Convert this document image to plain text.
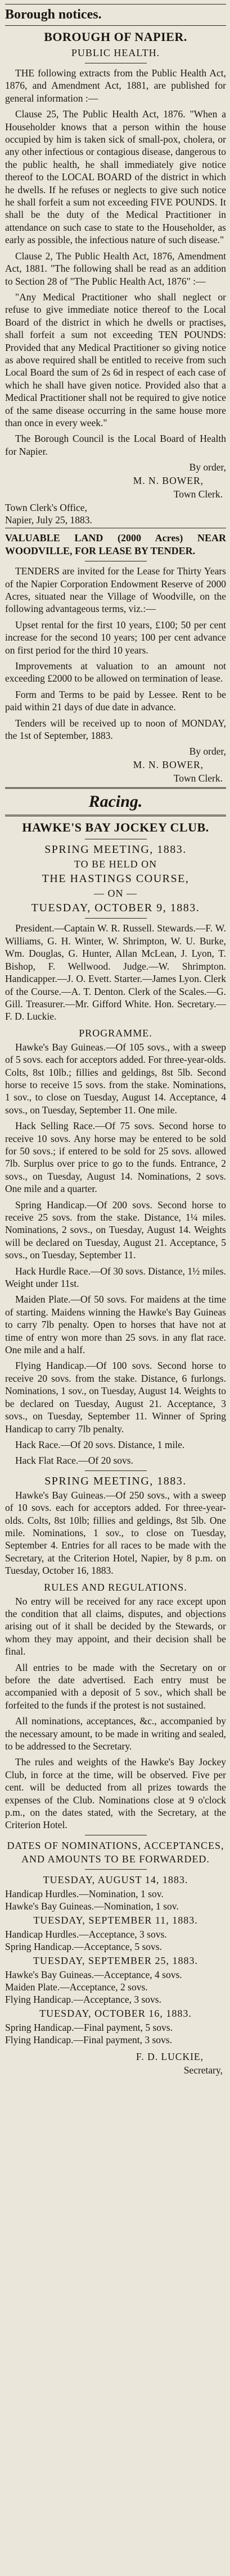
Borough notices.
BOROUGH OF NAPIER.
PUBLIC HEALTH.

THE following extracts from the Public Health Act, 1876, and Amendment Act, 1881, are published for general information :—

Clause 25, The Public Health Act, 1876. "When a Householder knows that a person within the house occupied by him is taken sick of small-pox, cholera, or any other infectious or contagious disease, dangerous to the public health, he shall immediately give notice thereof to the LOCAL BOARD of the district in which he dwells. If he refuses or neglects to give such notice he shall forfeit a sum not exceeding FIVE POUNDS. It shall be the duty of the Medical Practitioner in attendance on such case to state to the Householder, as early as possible, the infectious nature of such disease."

Clause 2, The Public Health Act, 1876, Amendment Act, 1881. "The following shall be read as an addition to Section 28 of "The Public Health Act, 1876" :—

"Any Medical Practitioner who shall neglect or refuse to give immediate notice thereof to the Local Board of the district in which he dwells or practises, shall forfeit a sum not exceeding TEN POUNDS: Provided that any Medical Practitioner so giving notice as above required shall be entitled to receive from such Local Board the sum of 2s 6d in respect of each case of which he shall have given notice. Provided also that a Medical Practitioner shall not be required to give notice of the same disease occurring in the same house more than once in every week."

The Borough Council is the Local Board of Health for Napier.

By order,
M. N. BOWER,
Town Clerk.
Town Clerk's Office,
Napier, July 25, 1883.
VALUABLE LAND (2000 Acres) NEAR WOODVILLE, FOR LEASE BY TENDER.

TENDERS are invited for the Lease for Thirty Years of the Napier Corporation Endowment Reserve of 2000 Acres, situated near the Village of Woodville, on the following advantageous terms, viz.:—

Upset rental for the first 10 years, £100; 50 per cent increase for the second 10 years; 100 per cent advance on first period for the third 10 years.

Improvements at valuation to an amount not exceeding £2000 to be allowed on termination of lease.

Form and Terms to be paid by Lessee. Rent to be paid within 21 days of due date in advance.

Tenders will be received up to noon of MONDAY, the 1st of September, 1883.

By order,
M. N. BOWER,
Town Clerk.
Racing.
HAWKE'S BAY JOCKEY CLUB.
SPRING MEETING, 1883.
TO BE HELD ON
THE HASTINGS COURSE,
— ON —
TUESDAY, OCTOBER 9, 1883.

President.—Captain W. R. Russell. Stewards.—F. W. Williams, G. H. Winter, W. Shrimpton, W. U. Burke, Wm. Douglas, G. Hunter, Allan McLean, J. Lyon, T. Bishop, F. Wellwood. Judge.—W. Shrimpton. Handicapper.—J. O. Evett. Starter.—James Lyon. Clerk of the Course.—A. T. Denton. Clerk of the Scales.—G. Gill. Treasurer.—Mr. Gifford White. Hon. Secretary.—F. D. Luckie.

PROGRAMME.

Hawke's Bay Guineas.—Of 105 sovs., with a sweep of 5 sovs. each for acceptors added. For three-year-olds. Colts, 8st 10lb.; fillies and geldings, 8st 5lb. Second horse to receive 15 sovs. from the stake. Nominations, 1 sov., to close on Tuesday, August 14. Acceptance, 4 sovs., on Tuesday, September 11. One mile.

Hack Selling Race.—Of 75 sovs. Second horse to receive 10 sovs. Any horse may be entered to be sold for 50 sovs.; if entered to be sold for 25 sovs. allowed 7lb. Surplus over price to go to the funds. Entrance, 2 sovs., on Tuesday, August 14. Nominations, 2 sovs. One mile and a quarter.

Spring Handicap.—Of 200 sovs. Second horse to receive 25 sovs. from the stake. Distance, 1¼ miles. Nominations, 2 sovs., on Tuesday, August 14. Weights will be declared on Tuesday, August 21. Acceptance, 5 sovs., on Tuesday, September 11.

Hack Hurdle Race.—Of 30 sovs. Distance, 1½ miles. Weight under 11st.

Maiden Plate.—Of 50 sovs. For maidens at the time of starting. Maidens winning the Hawke's Bay Guineas to carry 7lb penalty. Open to horses that have not at time of entry won more than 25 sovs. in any flat race. One mile and a half.

Flying Handicap.—Of 100 sovs. Second horse to receive 20 sovs. from the stake. Distance, 6 furlongs. Nominations, 1 sov., on Tuesday, August 14. Weights to be declared on Tuesday, August 21. Acceptance, 3 sovs., on Tuesday, September 11. Winner of Spring Handicap to carry 7lb penalty.

Hack Race.—Of 20 sovs. Distance, 1 mile.

Hack Flat Race.—Of 20 sovs.

SPRING MEETING, 1883.

Hawke's Bay Guineas.—Of 250 sovs., with a sweep of 10 sovs. each for acceptors added. For three-year-olds. Colts, 8st 10lb; fillies and geldings, 8st 5lb. One mile. Nominations, 1 sov., to close on Tuesday, September 4. Entries for all races to be made with the Secretary, at the Criterion Hotel, Napier, by 8 p.m. on Tuesday, October 16, 1883.

RULES AND REGULATIONS.

No entry will be received for any race except upon the condition that all claims, disputes, and objections arising out of it shall be decided by the Stewards, or whom they may appoint, and their decision shall be final.

All entries to be made with the Secretary on or before the date advertised. Each entry must be accompanied with a deposit of 5 sov., which shall be forfeited to the funds if the protest is not sustained.

All nominations, acceptances, &c., accompanied by the necessary amount, to be made in writing and sealed, to be addressed to the Secretary.

The rules and weights of the Hawke's Bay Jockey Club, in force at the time, will be observed. Five per cent. will be deducted from all prizes towards the expenses of the Club. Nominations close at 9 o'clock p.m., on the dates stated, with the Secretary, at the Criterion Hotel.

DATES OF NOMINATIONS, ACCEPTANCES, AND AMOUNTS TO BE FORWARDED.
TUESDAY, AUGUST 14, 1883.
Handicap Hurdles.—Nomination, 1 sov.
Hawke's Bay Guineas.—Nomination, 1 sov.
TUESDAY, SEPTEMBER 11, 1883.
Handicap Hurdles.—Acceptance, 3 sovs.
Spring Handicap.—Acceptance, 5 sovs.
TUESDAY, SEPTEMBER 25, 1883.
Hawke's Bay Guineas.—Acceptance, 4 sovs.
Maiden Plate.—Acceptance, 2 sovs.
Flying Handicap.—Acceptance, 3 sovs.
TUESDAY, OCTOBER 16, 1883.
Spring Handicap.—Final payment, 5 sovs.
Flying Handicap.—Final payment, 3 sovs.
F. D. LUCKIE,
Secretary,
